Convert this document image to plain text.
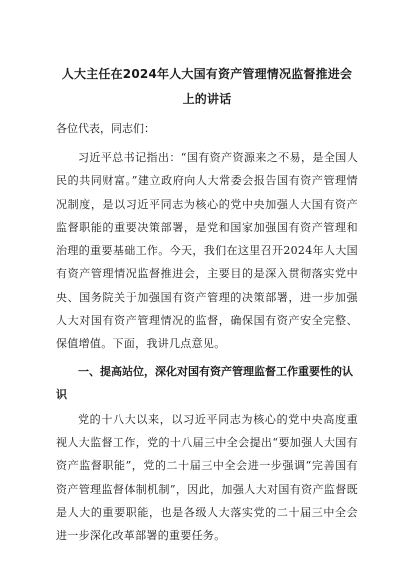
人大主任在2024年人大国有资产管理情况监督推进会上的讲话
各位代表，同志们：

习近平总书记指出：“国有资产资源来之不易，是全国人民的共同财富。”建立政府向人大常委会报告国有资产管理情况制度，是以习近平同志为核心的党中央加强人大国有资产监督职能的重要决策部署，是党和国家加强国有资产管理和治理的重要基础工作。今天，我们在这里召开2024年人大国有资产管理情况监督推进会，主要目的是深入贯彻落实党中央、国务院关于加强国有资产管理的决策部署，进一步加强人大对国有资产管理情况的监督，确保国有资产安全完整、保值增值。下面，我讲几点意见。

一、提高站位，深化对国有资产管理监督工作重要性的认识

党的十八大以来，以习近平同志为核心的党中央高度重视人大监督工作，党的十八届三中全会提出“要加强人大国有资产监督职能”，党的二十届三中全会进一步强调“完善国有资产管理监督体制机制”，因此，加强人大对国有资产监督既是人大的重要职能，也是各级人大落实党的二十届三中全会进一步深化改革部署的重要任务。
